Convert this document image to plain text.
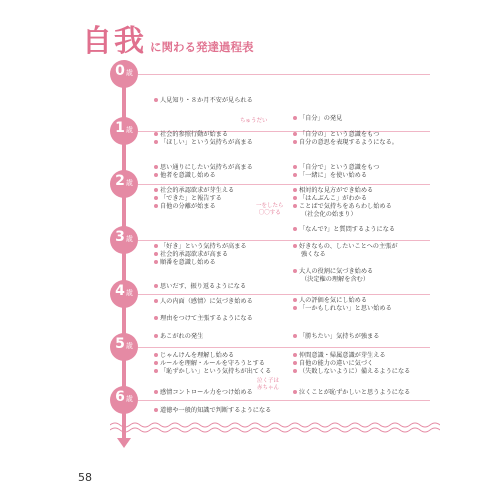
自我 に関わる発達過程表
0 歳
1 歳
2 歳
3 歳
4 歳
5 歳
6 歳
人見知り・８か月不安が見られる
社会的参照行動が始まる
「ほしい」という気持ちが高まる
「自分」の発見
「自分の」という意識をもつ
自分の意思を表現するようになる。
思い通りにしたい気持ちが高まる
他者を意識し始める
「自分で」という意識をもつ
「一緒に」を使い始める
社会的承認欲求が芽生える
「できた」と報告する
自他の分離が始まる
相対的な見方ができ始める
「はんぶんこ」がわかる
ことばで気持ちをあらわし始める
（社会化の始まり）
「なんで?」と質問するようになる
「好き」という気持ちが高まる
社会的承認欲求が高まる
順番を意識し始める
好きなもの、したいことへの主張が
強くなる
大人の役割に気づき始める
（決定権の理解を含む）
思いだす、振り返るようになる
人の内面（感情）に気づき始める	人の評価を気にし始める
「一かもしれない」と思い始める
理由をつけて主張するようになる
あこがれの発生	「勝ちたい」気持ちが強まる
じゃんけんを理解し始める
ルールを理解・ルールを守ろうとする
「恥ずかしい」という気持ちが出てくる
仲間意識・帰属意識が芽生える
自他の能力の違いに気づく
（失敗しないように）備えるようになる
感情コントロール力をつけ始める	泣くことが恥ずかしいと思うようになる
道徳や一般的知識で判断するようになる
ちゅうだい
一をしたら
〇〇する
泣く子は
赤ちゃん
58
